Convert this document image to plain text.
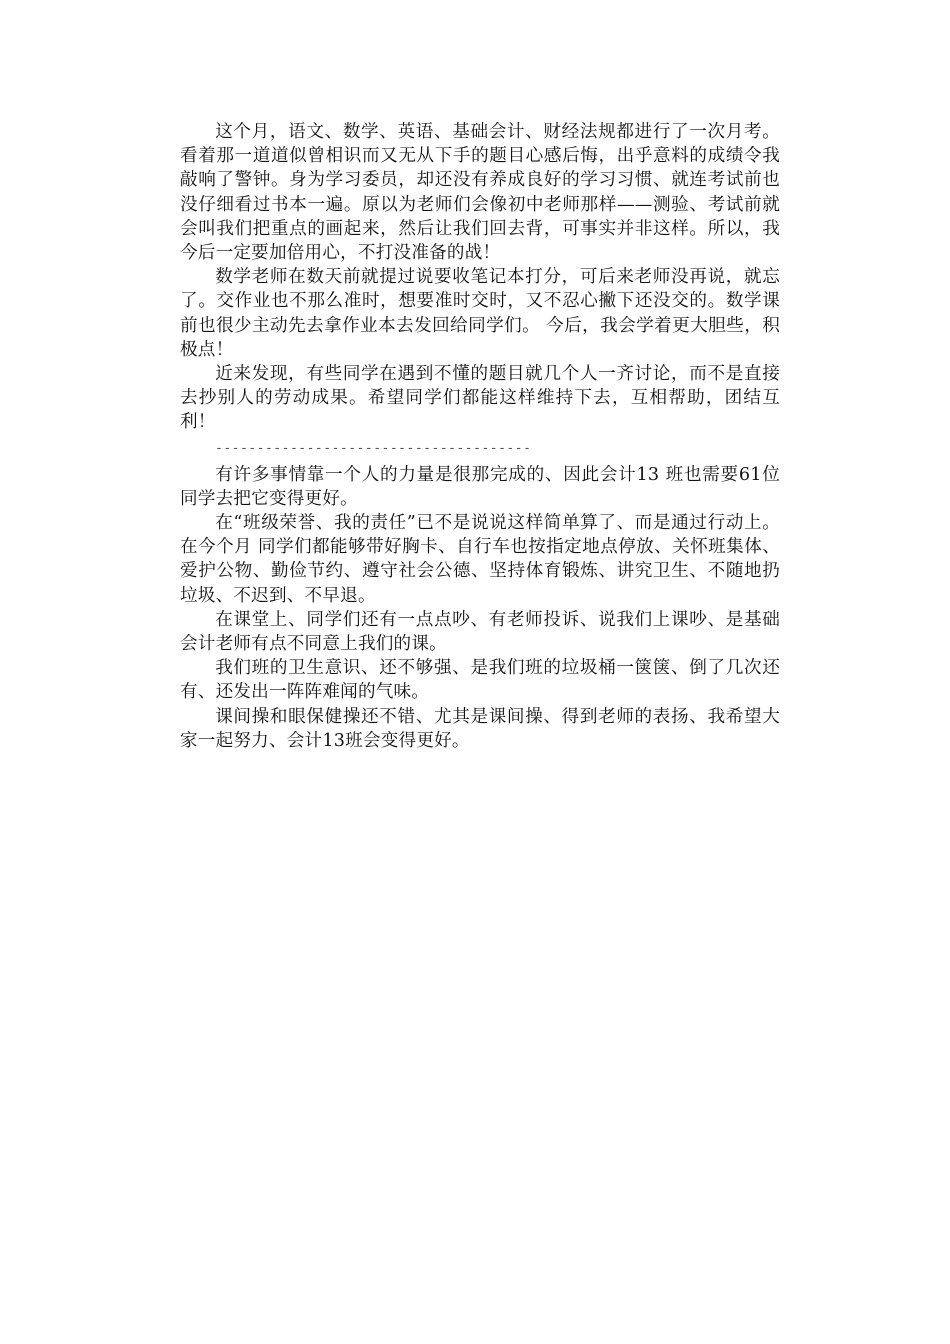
这个月，语文、数学、英语、基础会计、财经法规都进行了一次月考。看着那一道道似曾相识而又无从下手的题目心感后悔，出乎意料的成绩令我敲响了警钟。身为学习委员，却还没有养成良好的学习习惯、就连考试前也没仔细看过书本一遍。原以为老师们会像初中老师那样——测验、考试前就会叫我们把重点的画起来，然后让我们回去背，可事实并非这样。所以，我今后一定要加倍用心，不打没准备的战！

数学老师在数天前就提过说要收笔记本打分，可后来老师没再说，就忘了。交作业也不那么准时，想要准时交时，又不忍心撇下还没交的。数学课前也很少主动先去拿作业本去发回给同学们。 今后，我会学着更大胆些，积极点！

近来发现，有些同学在遇到不懂的题目就几个人一齐讨论，而不是直接去抄别人的劳动成果。希望同学们都能这样维持下去，互相帮助，团结互利！

--------------------------------------

有许多事情靠一个人的力量是很那完成的、因此会计13 班也需要61位同学去把它变得更好。

在“班级荣誉、我的责任”已不是说说这样简单算了、而是通过行动上。在今个月 同学们都能够带好胸卡、自行车也按指定地点停放、关怀班集体、爱护公物、勤俭节约、遵守社会公德、坚持体育锻炼、讲究卫生、不随地扔垃圾、不迟到、不早退。

在课堂上、同学们还有一点点吵、有老师投诉、说我们上课吵、是基础会计老师有点不同意上我们的课。

我们班的卫生意识、还不够强、是我们班的垃圾桶一箧箧、倒了几次还有、还发出一阵阵难闻的气味。

课间操和眼保健操还不错、尤其是课间操、得到老师的表扬、我希望大家一起努力、会计13班会变得更好。
